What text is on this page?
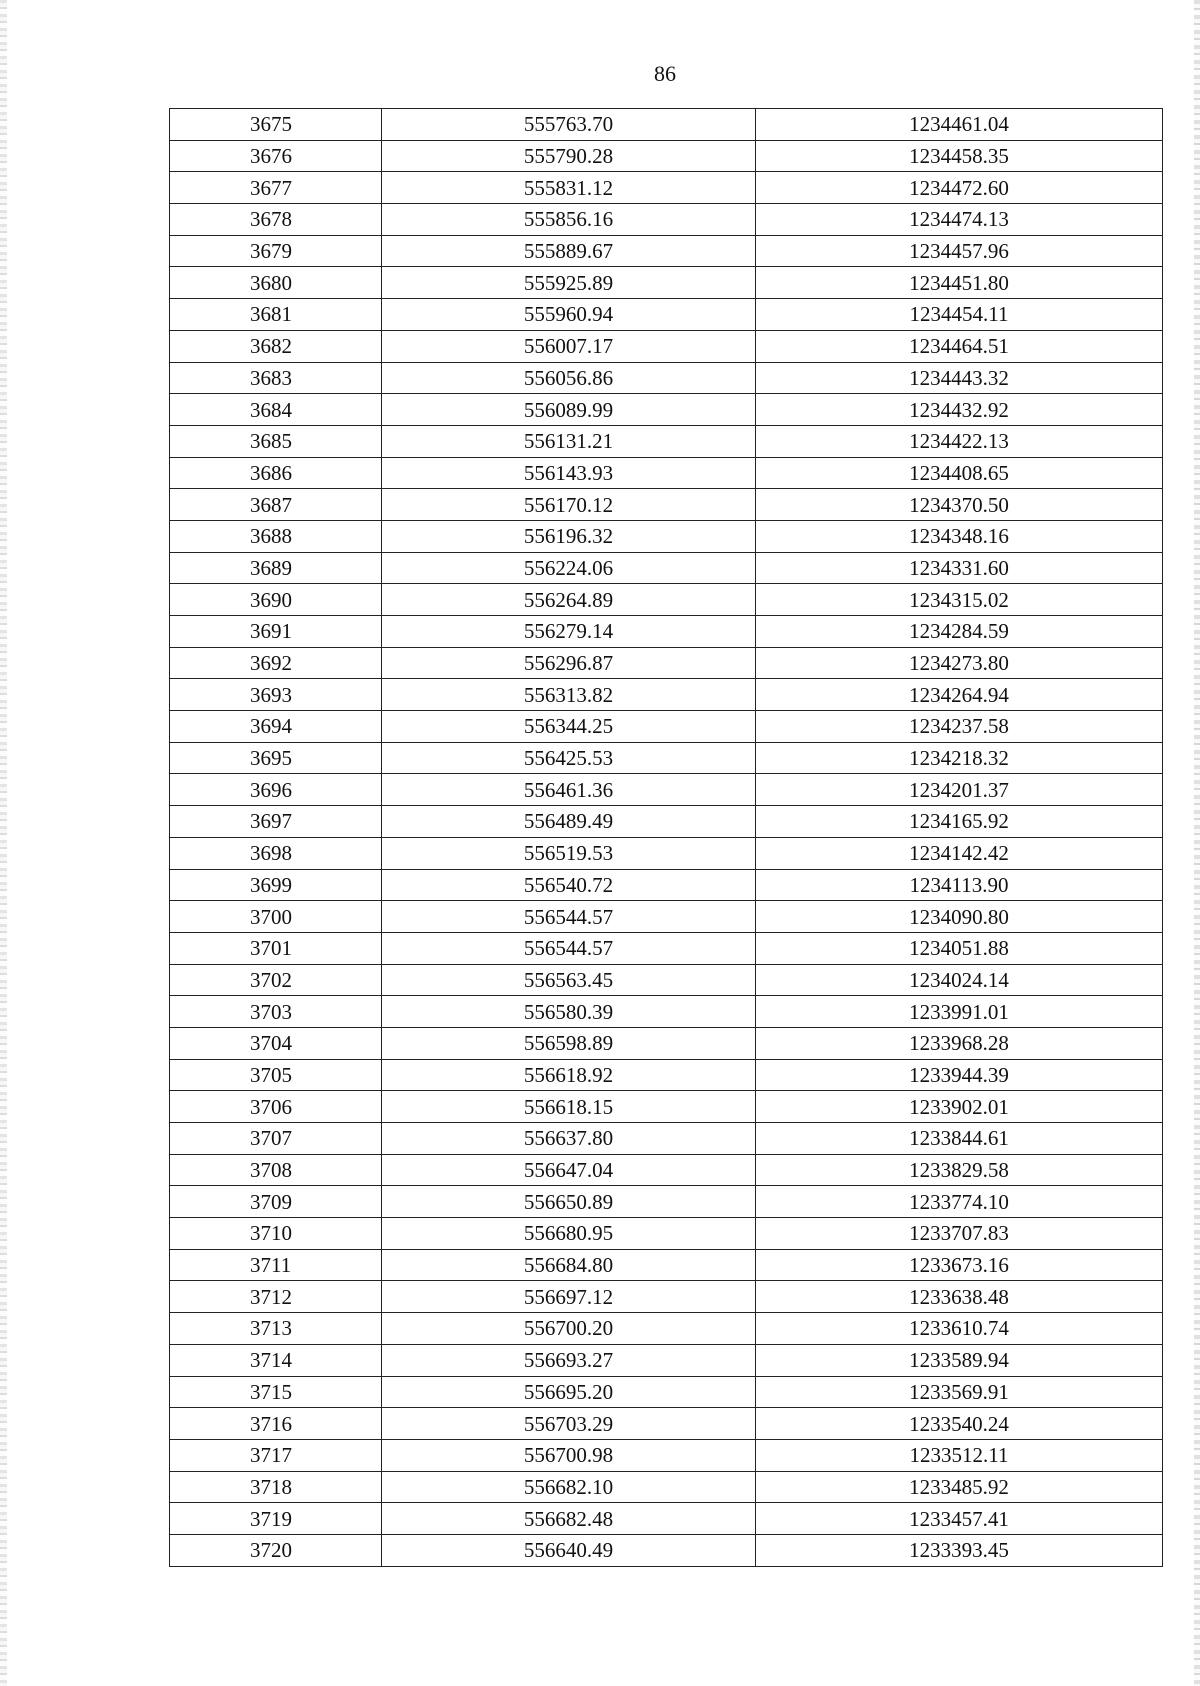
86
3675	555763.70	1234461.04
3676	555790.28	1234458.35
3677	555831.12	1234472.60
3678	555856.16	1234474.13
3679	555889.67	1234457.96
3680	555925.89	1234451.80
3681	555960.94	1234454.11
3682	556007.17	1234464.51
3683	556056.86	1234443.32
3684	556089.99	1234432.92
3685	556131.21	1234422.13
3686	556143.93	1234408.65
3687	556170.12	1234370.50
3688	556196.32	1234348.16
3689	556224.06	1234331.60
3690	556264.89	1234315.02
3691	556279.14	1234284.59
3692	556296.87	1234273.80
3693	556313.82	1234264.94
3694	556344.25	1234237.58
3695	556425.53	1234218.32
3696	556461.36	1234201.37
3697	556489.49	1234165.92
3698	556519.53	1234142.42
3699	556540.72	1234113.90
3700	556544.57	1234090.80
3701	556544.57	1234051.88
3702	556563.45	1234024.14
3703	556580.39	1233991.01
3704	556598.89	1233968.28
3705	556618.92	1233944.39
3706	556618.15	1233902.01
3707	556637.80	1233844.61
3708	556647.04	1233829.58
3709	556650.89	1233774.10
3710	556680.95	1233707.83
3711	556684.80	1233673.16
3712	556697.12	1233638.48
3713	556700.20	1233610.74
3714	556693.27	1233589.94
3715	556695.20	1233569.91
3716	556703.29	1233540.24
3717	556700.98	1233512.11
3718	556682.10	1233485.92
3719	556682.48	1233457.41
3720	556640.49	1233393.45
